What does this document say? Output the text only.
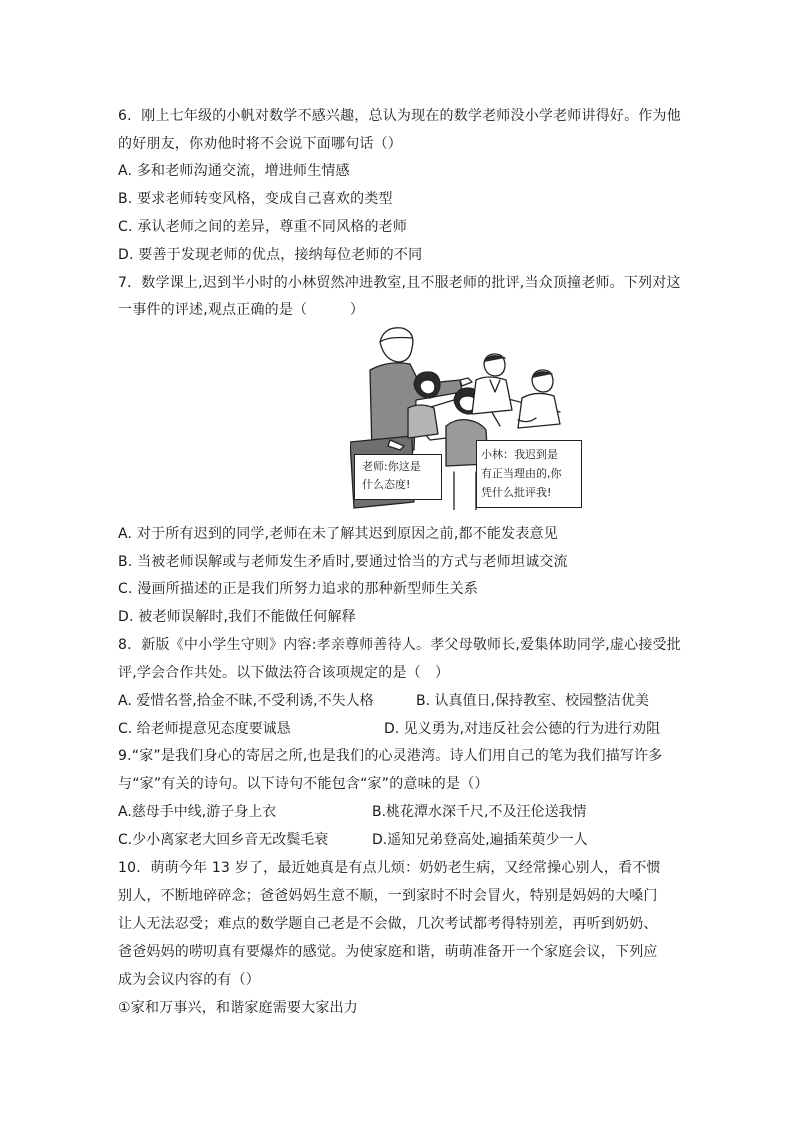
6．刚上七年级的小帆对数学不感兴趣，总认为现在的数学老师没小学老师讲得好。作为他
的好朋友，你劝他时将不会说下面哪句话（）
A. 多和老师沟通交流，增进师生情感
B. 要求老师转变风格，变成自己喜欢的类型
C. 承认老师之间的差异，尊重不同风格的老师
D. 要善于发现老师的优点，接纳每位老师的不同
7．数学课上,迟到半小时的小林贸然冲进教室,且不服老师的批评,当众顶撞老师。下列对这
一事件的评述,观点正确的是（　　　）
老师:你这是
什么态度!
小林：我迟到是
有正当理由的,你
凭什么批评我!
A. 对于所有迟到的同学,老师在未了解其迟到原因之前,都不能发表意见
B. 当被老师误解或与老师发生矛盾时,要通过恰当的方式与老师坦诚交流
C. 漫画所描述的正是我们所努力追求的那种新型师生关系
D. 被老师误解时,我们不能做任何解释
8．新版《中小学生守则》内容:孝亲尊师善待人。孝父母敬师长,爱集体助同学,虚心接受批
评,学会合作共处。以下做法符合该项规定的是（　）
A. 爱惜名誉,拾金不昧,不受利诱,不失人格	B. 认真值日,保持教室、校园整洁优美
C. 给老师提意见态度要诚恳	D. 见义勇为,对违反社会公德的行为进行劝阻
9.“家”是我们身心的寄居之所,也是我们的心灵港湾。诗人们用自己的笔为我们描写许多
与“家”有关的诗句。以下诗句不能包含“家”的意味的是（）
A.慈母手中线,游子身上衣	B.桃花潭水深千尺,不及汪伦送我情
C.少小离家老大回乡音无改鬓毛衰	D.遥知兄弟登高处,遍插茱萸少一人
10．萌萌今年 13 岁了，最近她真是有点儿烦：奶奶老生病，又经常操心别人，看不惯
别人，不断地碎碎念；爸爸妈妈生意不顺，一到家时不时会冒火，特别是妈妈的大嗓门
让人无法忍受；难点的数学题自己老是不会做，几次考试都考得特别差，再听到奶奶、
爸爸妈妈的唠叨真有要爆炸的感觉。为使家庭和谐，萌萌准备开一个家庭会议，下列应
成为会议内容的有（）
①家和万事兴，和谐家庭需要大家出力
